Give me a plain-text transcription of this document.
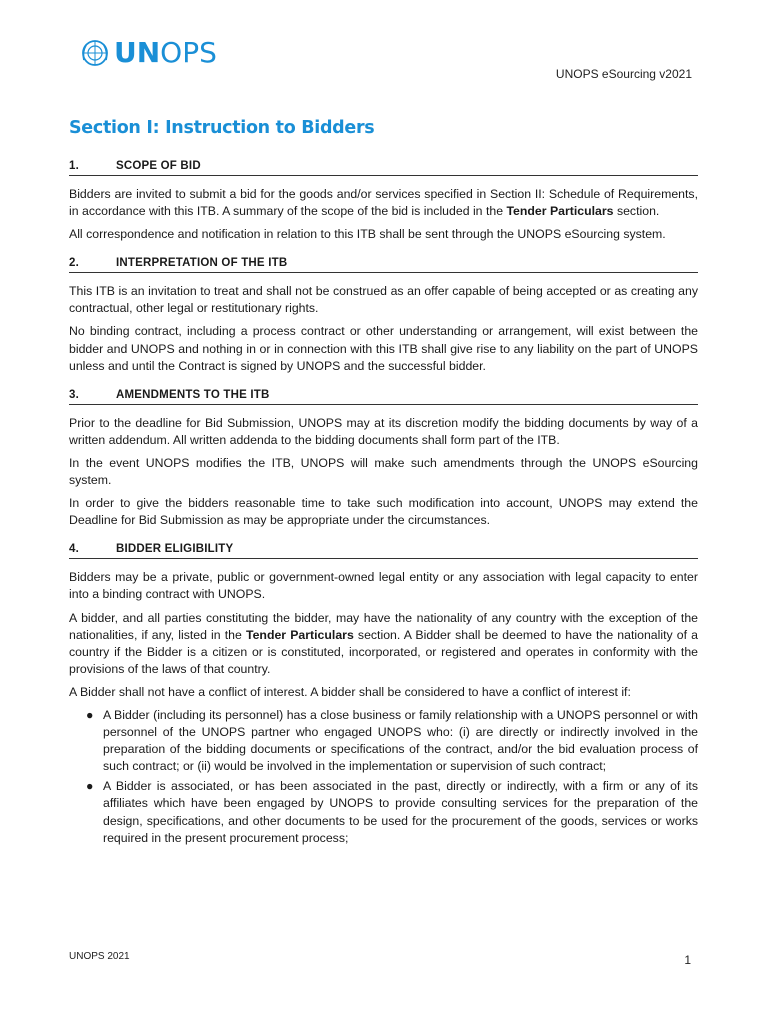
UNOPS
UNOPS eSourcing v2021
Section I: Instruction to Bidders
1.	SCOPE OF BID

Bidders are invited to submit a bid for the goods and/or services specified in Section II: Schedule of Requirements, in accordance with this ITB. A summary of the scope of the bid is included in the Tender Particulars section.

All correspondence and notification in relation to this ITB shall be sent through the UNOPS eSourcing system.

2.	INTERPRETATION OF THE ITB

This ITB is an invitation to treat and shall not be construed as an offer capable of being accepted or as creating any contractual, other legal or restitutionary rights.

No binding contract, including a process contract or other understanding or arrangement, will exist between the bidder and UNOPS and nothing in or in connection with this ITB shall give rise to any liability on the part of UNOPS unless and until the Contract is signed by UNOPS and the successful bidder.

3.	AMENDMENTS TO THE ITB

Prior to the deadline for Bid Submission, UNOPS may at its discretion modify the bidding documents by way of a written addendum. All written addenda to the bidding documents shall form part of the ITB.

In the event UNOPS modifies the ITB, UNOPS will make such amendments through the UNOPS eSourcing system.

In order to give the bidders reasonable time to take such modification into account, UNOPS may extend the Deadline for Bid Submission as may be appropriate under the circumstances.

4.	BIDDER ELIGIBILITY

Bidders may be a private, public or government-owned legal entity or any association with legal capacity to enter into a binding contract with UNOPS.

A bidder, and all parties constituting the bidder, may have the nationality of any country with the exception of the nationalities, if any, listed in the Tender Particulars section. A Bidder shall be deemed to have the nationality of a country if the Bidder is a citizen or is constituted, incorporated, or registered and operates in conformity with the provisions of the laws of that country.

A Bidder shall not have a conflict of interest. A bidder shall be considered to have a conflict of interest if:

● A Bidder (including its personnel) has a close business or family relationship with a UNOPS personnel or with personnel of the UNOPS partner who engaged UNOPS who: (i) are directly or indirectly involved in the preparation of the bidding documents or specifications of the contract, and/or the bid evaluation process of such contract; or (ii) would be involved in the implementation or supervision of such contract;
● A Bidder is associated, or has been associated in the past, directly or indirectly, with a firm or any of its affiliates which have been engaged by UNOPS to provide consulting services for the preparation of the design, specifications, and other documents to be used for the procurement of the goods, services or works required in the present procurement process;
UNOPS 2021	1
